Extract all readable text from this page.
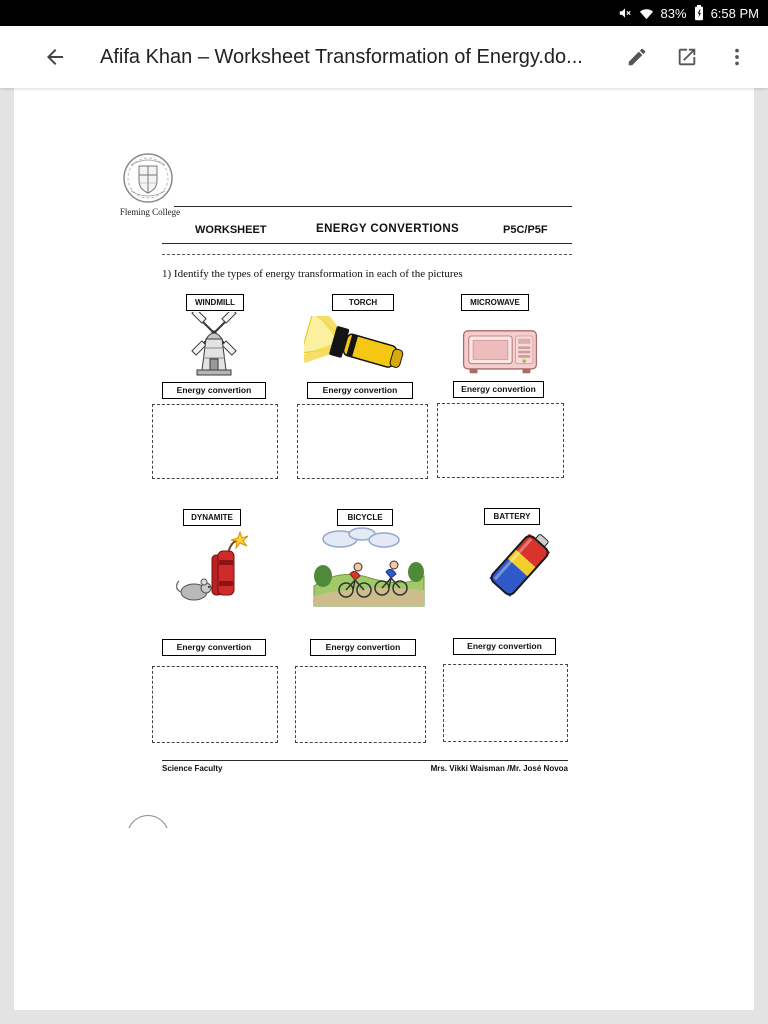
83% 6:58 PM
Afifa Khan – Worksheet Transformation of Energy.do...
Fleming College
WORKSHEET	ENERGY CONVERTIONS	P5C/P5F
1) Identify the types of energy transformation in each of the pictures
WINDMILL	TORCH	MICROWAVE
Energy convertion	Energy convertion	Energy convertion
DYNAMITE	BICYCLE	BATTERY
Energy convertion	Energy convertion	Energy convertion
Science Faculty	Mrs. Vikki Waisman /Mr. José Novoa
